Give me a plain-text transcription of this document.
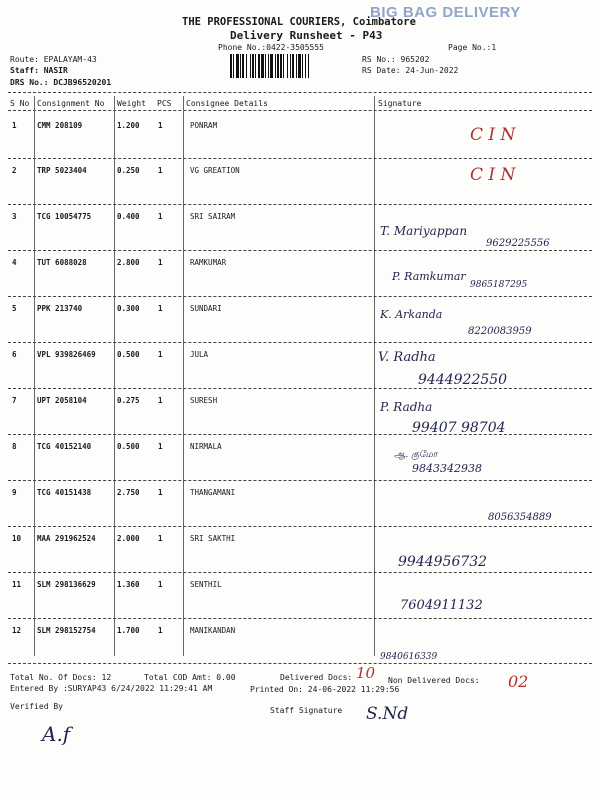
BIG BAG DELIVERY
THE PROFESSIONAL COURIERS, Coimbatore
Delivery Runsheet - P43
Phone No.:0422-3505555	Page No.:1
Route: EPALAYAM-43
Staff: NASIR
DRS No.: DCJB96520201
RS No.: 965202
RS Date: 24-Jun-2022
S No Consignment No Weight PCS Consignee Details	Signature
1	CMM 208109	1.200 1	PONRAM	C I N
2	TRP 5023404	0.250 1	VG GREATION	C I N
3	TCG 10054775	0.400 1	SRI SAIRAM
T. Mariyappan
9629225556
4	TUT 6088028	2.800 1	RAMKUMAR
P. Ramkumar
9865187295
5	PPK 213740	0.300 1	SUNDARI	K. Arkanda
8220083959
6	VPL 939826469	0.500 1	JULA	V. Radha
9444922550
7	UPT 2058104	0.275 1	SURESH	P. Radha
99407 98704
8	TCG 40152140	0.500 1	NIRMALA
ஆ. குமோ
9843342938
9	TCG 40151438	2.750 1	THANGAMANI
8056354889
10 MAA 291962524	2.000 1	SRI SAKTHI
9944956732
11 SLM 298136629	1.360 1	SENTHIL
7604911132
12 SLM 298152754	1.700 1	MANIKANDAN
9840616339
Total No. Of Docs: 12	Total COD Amt: 0.00	Delivered Docs: 10 Non Delivered Docs: 02
Entered By :SURYAP43 6/24/2022 11:29:41 AM	Printed On: 24-06-2022 11:29:56
Verified By	Staff Signature
A.f
S.Nd
